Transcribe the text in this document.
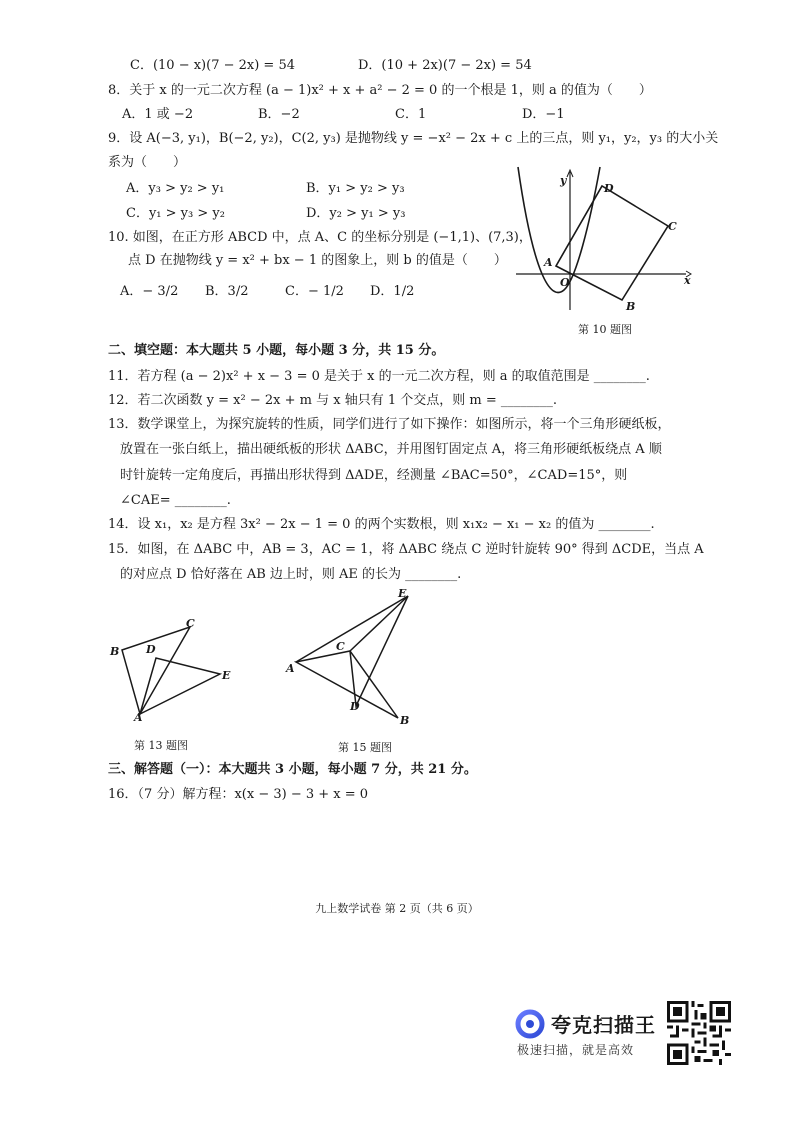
C．(10 − x)(7 − 2x) = 54	D．(10 + 2x)(7 − 2x) = 54
8．关于 x 的一元二次方程 (a − 1)x² + x + a² − 2 = 0 的一个根是 1，则 a 的值为（　　）
A．1 或 −2	B．−2	C．1	D．−1
9．设 A(−3, y₁)，B(−2, y₂)，C(2, y₃) 是抛物线 y = −x² − 2x + c 上的三点，则 y₁，y₂，y₃ 的大小关
系为（　　）
A．y₃ > y₂ > y₁	B．y₁ > y₂ > y₃
C．y₁ > y₃ > y₂	D．y₂ > y₁ > y₃
10. 如图，在正方形 ABCD 中，点 A、C 的坐标分别是 (−1,1)、(7,3)，
点 D 在抛物线 y = x² + bx − 1 的图象上，则 b 的值是（　　）
A．− 3/2 B．3/2	C．− 1/2 D．1/2
y
x
O
A
B
C
D
第 10 题图
二、填空题：本大题共 5 小题，每小题 3 分，共 15 分。
11．若方程 (a − 2)x² + x − 3 = 0 是关于 x 的一元二次方程，则 a 的取值范围是 ________.
12．若二次函数 y = x² − 2x + m 与 x 轴只有 1 个交点，则 m = ________.
13．数学课堂上，为探究旋转的性质，同学们进行了如下操作：如图所示，将一个三角形硬纸板，
放置在一张白纸上，描出硬纸板的形状 ΔABC，并用图钉固定点 A，将三角形硬纸板绕点 A 顺
时针旋转一定角度后，再描出形状得到 ΔADE，经测量 ∠BAC=50°，∠CAD=15°，则
∠CAE= ________.
14．设 x₁，x₂ 是方程 3x² − 2x − 1 = 0 的两个实数根，则 x₁x₂ − x₁ − x₂ 的值为 ________.
15．如图，在 ΔABC 中，AB = 3，AC = 1，将 ΔABC 绕点 C 逆时针旋转 90° 得到 ΔCDE，当点 A
的对应点 D 恰好落在 AB 边上时，则 AE 的长为 ________.
B
C
D
E
A
第 13 题图
A
E
C
D
B
第 15 题图
三、解答题（一）：本大题共 3 小题，每小题 7 分，共 21 分。
16．（7 分）解方程：x(x − 3) − 3 + x = 0
九上数学试卷 第 2 页（共 6 页）
夸克扫描王
极速扫描，就是高效
